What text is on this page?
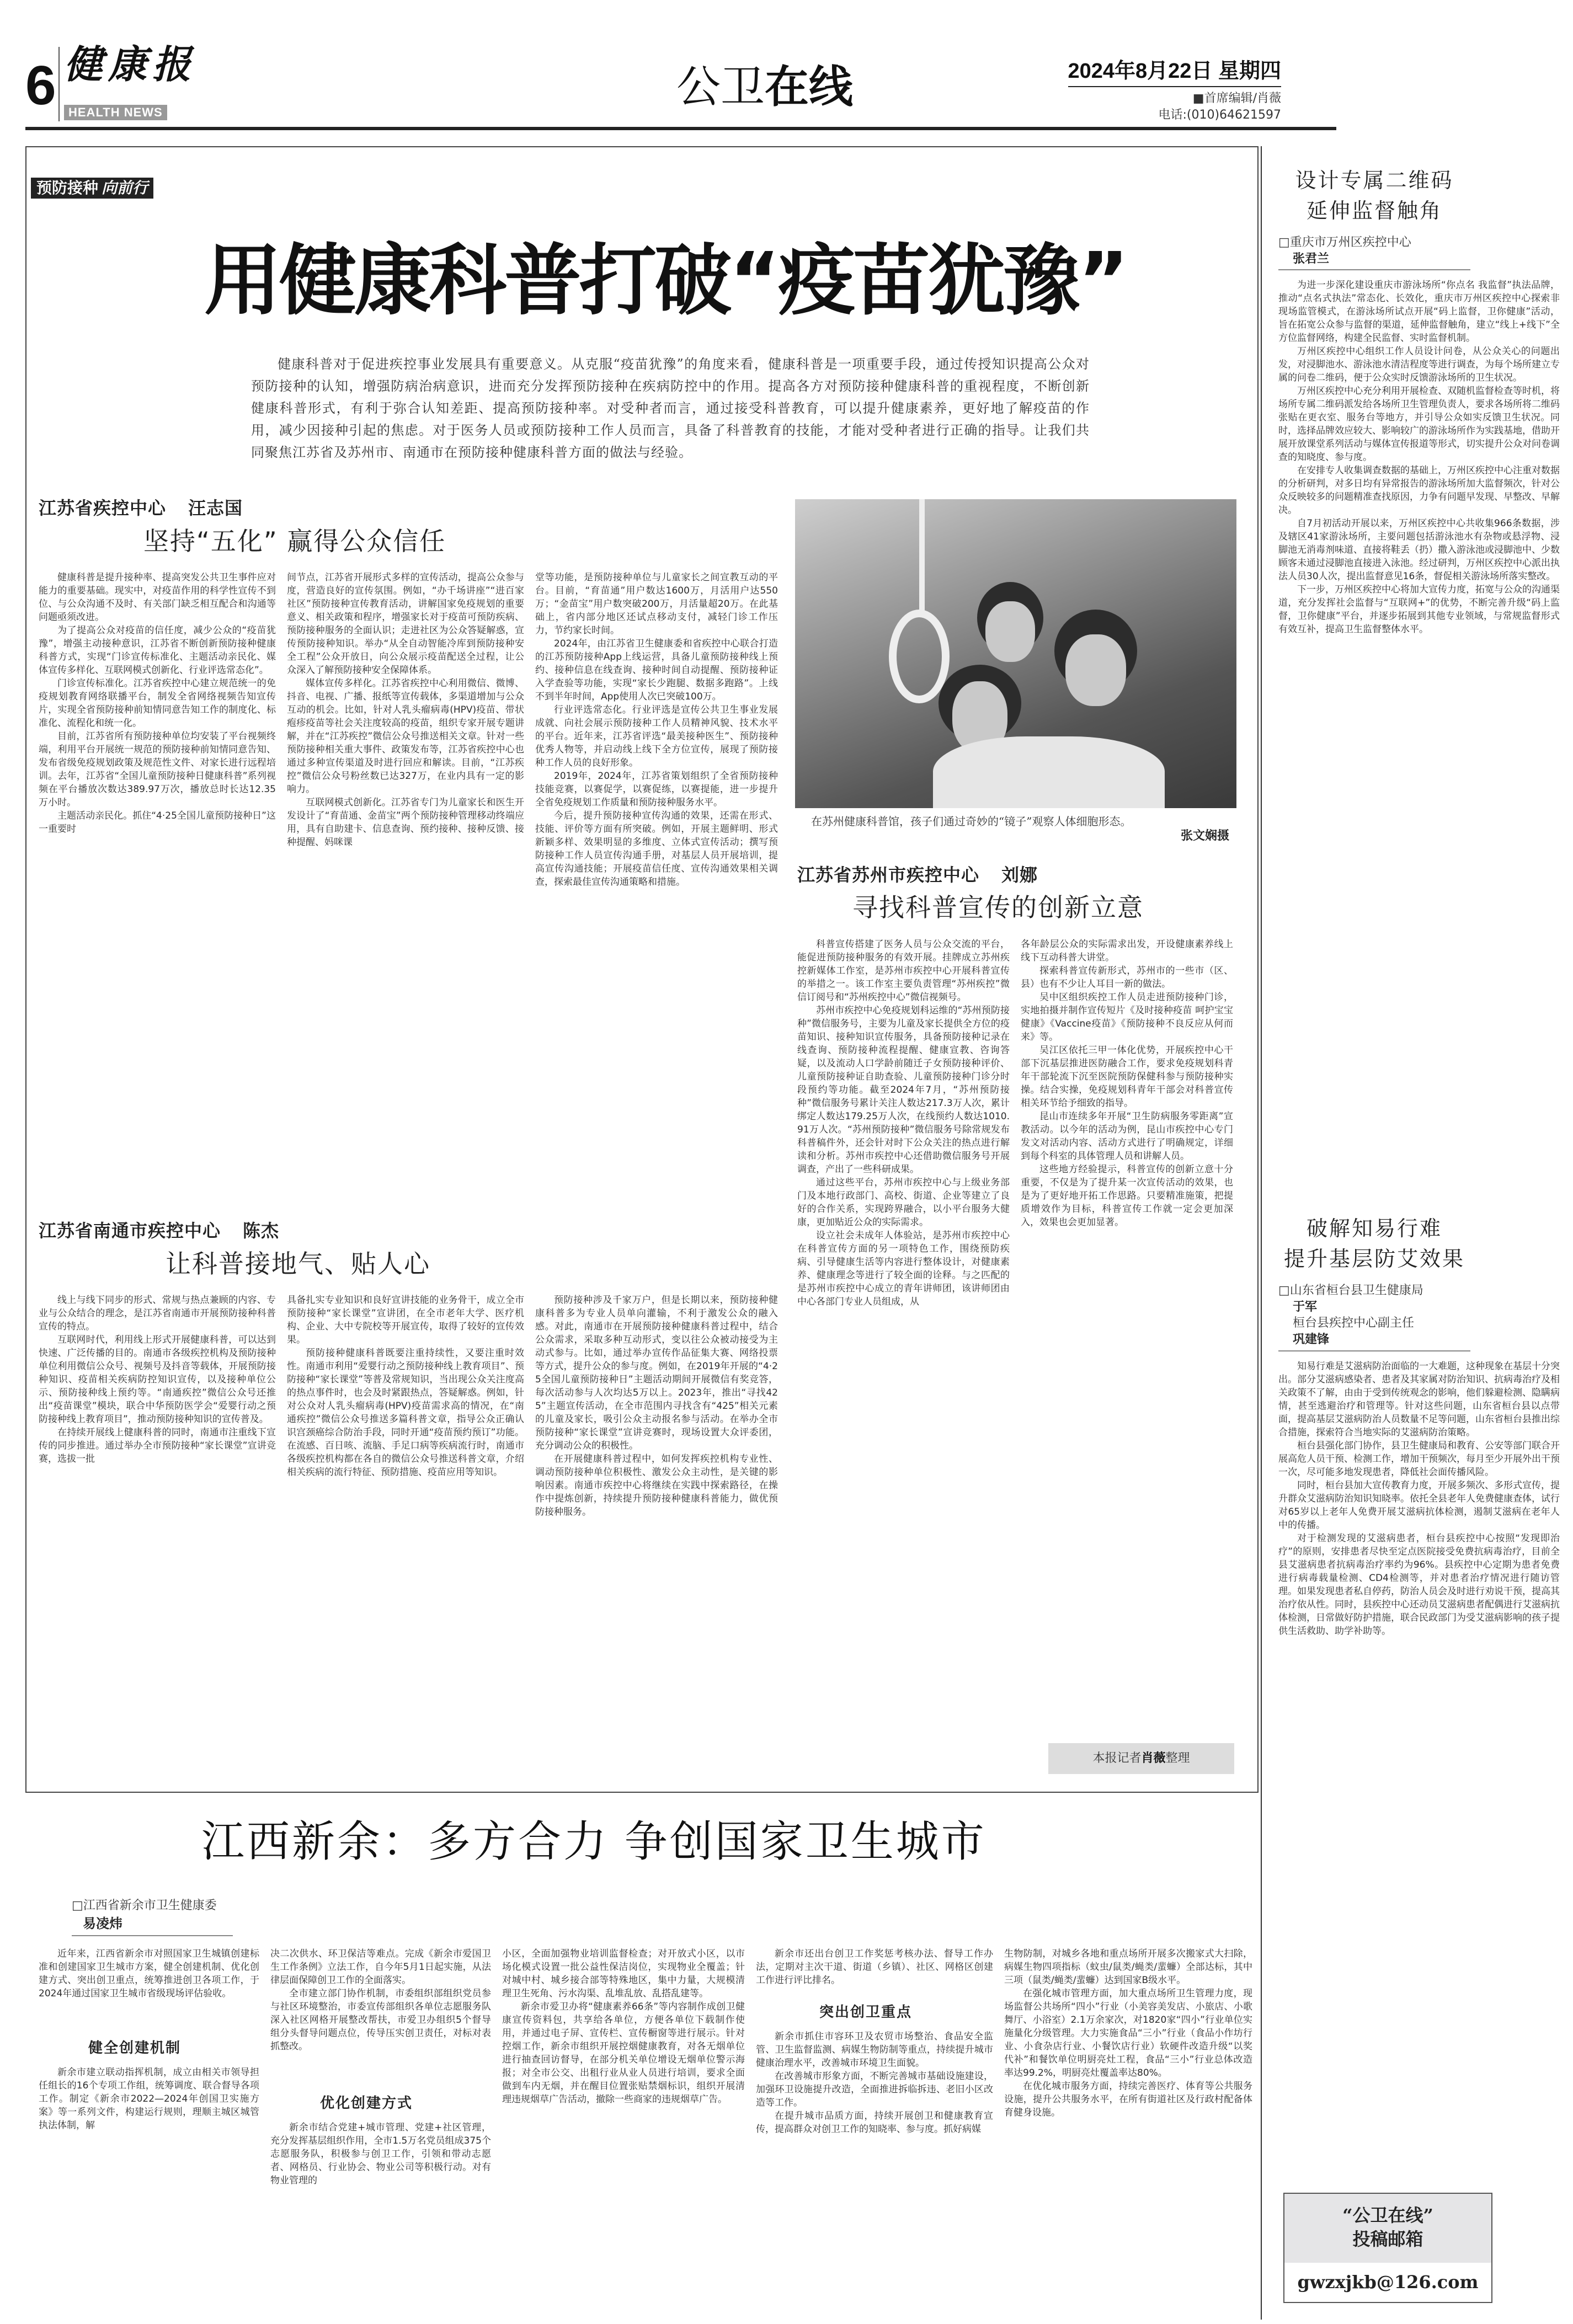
6 健康报
HEALTH NEWS	公卫在线	2024年8月22日 星期四
■首席编辑/肖薇
电话:(010)64621597
预防接种 向前行
用健康科普打破“疫苗犹豫”
健康科普对于促进疾控事业发展具有重要意义。从克服“疫苗犹豫”的角度来看，健康科普是一项重要手段，通过传授知识提高公众对预防接种的认知，增强防病治病意识，进而充分发挥预防接种在疾病防控中的作用。提高各方对预防接种健康科普的重视程度，不断创新健康科普形式，有利于弥合认知差距、提高预防接种率。对受种者而言，通过接受科普教育，可以提升健康素养，更好地了解疫苗的作用，减少因接种引起的焦虑。对于医务人员或预防接种工作人员而言，具备了科普教育的技能，才能对受种者进行正确的指导。让我们共同聚焦江苏省及苏州市、南通市在预防接种健康科普方面的做法与经验。
江苏省疾控中心 汪志国
坚持“五化” 赢得公众信任

健康科普是提升接种率、提高突发公共卫生事件应对能力的重要基础。现实中，对疫苗作用的科学性宣传不到位、与公众沟通不及时、有关部门缺乏相互配合和沟通等问题亟须改进。

为了提高公众对疫苗的信任度，减少公众的“疫苗犹豫”，增强主动接种意识，江苏省不断创新预防接种健康科普方式，实现“门诊宣传标准化、主题活动亲民化、媒体宣传多样化、互联网模式创新化、行业评选常态化”。

门诊宣传标准化。江苏省疾控中心建立规范统一的免疫规划教育网络联播平台，制发全省网络视频告知宣传片，实现全省预防接种前知情同意告知工作的制度化、标准化、流程化和统一化。

目前，江苏省所有预防接种单位均安装了平台视频终端，利用平台开展统一规范的预防接种前知情同意告知、发布省级免疫规划政策及规范性文件、对家长进行远程培训。去年，江苏省“全国儿童预防接种日健康科普”系列视频在平台播放次数达389.97万次，播放总时长达12.35万小时。

主题活动亲民化。抓住“4·25全国儿童预防接种日”这一重要时

间节点，江苏省开展形式多样的宣传活动，提高公众参与度，营造良好的宣传氛围。例如，“办千场讲座”“进百家社区”预防接种宣传教育活动，讲解国家免疫规划的重要意义、相关政策和程序，增强家长对于疫苗可预防疾病、预防接种服务的全面认识；走进社区为公众答疑解惑，宣传预防接种知识。举办“从全自动智能冷库到预防接种安全工程”公众开放日，向公众展示疫苗配送全过程，让公众深入了解预防接种安全保障体系。

媒体宣传多样化。江苏省疾控中心利用微信、微博、抖音、电视、广播、报纸等宣传载体，多渠道增加与公众互动的机会。比如，针对人乳头瘤病毒(HPV)疫苗、带状疱疹疫苗等社会关注度较高的疫苗，组织专家开展专题讲解，并在“江苏疾控”微信公众号推送相关文章。针对一些预防接种相关重大事件、政策发布等，江苏省疾控中心也通过多种宣传渠道及时进行回应和解读。目前，“江苏疾控”微信公众号粉丝数已达327万，在业内具有一定的影响力。

互联网模式创新化。江苏省专门为儿童家长和医生开发设计了“育苗通、金苗宝”两个预防接种管理移动终端应用，具有自助建卡、信息查询、预约接种、接种反馈、接种提醒、妈咪课

堂等功能，是预防接种单位与儿童家长之间宣教互动的平台。目前，“育苗通”用户数达1600万，月活用户达550万；“金苗宝”用户数突破200万，月活量超20万。在此基础上，省内部分地区还试点移动支付，减轻门诊工作压力，节约家长时间。

2024年，由江苏省卫生健康委和省疾控中心联合打造的江苏预防接种App上线运营，具备儿童预防接种线上预约、接种信息在线查询、接种时间自动提醒、预防接种证入学查验等功能，实现“家长少跑腿、数据多跑路”。上线不到半年时间，App使用人次已突破100万。

行业评选常态化。行业评选是宣传公共卫生事业发展成就、向社会展示预防接种工作人员精神风貌、技术水平的平台。近年来，江苏省评选“最美接种医生”、预防接种优秀人物等，并启动线上线下全方位宣传，展现了预防接种工作人员的良好形象。

2019年，2024年，江苏省策划组织了全省预防接种技能竞赛，以赛促学，以赛促练，以赛提能，进一步提升全省免疫规划工作质量和预防接种服务水平。

今后，提升预防接种宣传沟通的效果，还需在形式、技能、评价等方面有所突破。例如，开展主题鲜明、形式新颖多样、效果明显的多维度、立体式宣传活动；撰写预防接种工作人员宣传沟通手册，对基层人员开展培训，提高宣传沟通技能；开展疫苗信任度、宣传沟通效果相关调查，探索最佳宣传沟通策略和措施。

在苏州健康科普馆，孩子们通过奇妙的“镜子”观察人体细胞形态。
张文娴摄
江苏省苏州市疾控中心 刘娜
寻找科普宣传的创新立意

科普宣传搭建了医务人员与公众交流的平台，能促进预防接种服务的有效开展。挂牌成立苏州疾控新媒体工作室，是苏州市疾控中心开展科普宣传的举措之一。该工作室主要负责管理“苏州疾控”微信订阅号和“苏州疾控中心”微信视频号。

苏州市疾控中心免疫规划科运维的“苏州预防接种”微信服务号，主要为儿童及家长提供全方位的疫苗知识、接种知识宣传服务，具备预防接种记录在线查询、预防接种流程提醒、健康宣教、咨询答疑，以及流动人口学龄前随迁子女预防接种评价、儿童预防接种证自助查验、儿童预防接种门诊分时段预约等功能。截至2024年7月，“苏州预防接种”微信服务号累计关注人数达217.3万人次，累计绑定人数达179.25万人次，在线预约人数达1010.91万人次。“苏州预防接种”微信服务号除常规发布科普稿件外，还会针对时下公众关注的热点进行解读和分析。苏州市疾控中心还借助微信服务号开展调查，产出了一些科研成果。

通过这些平台，苏州市疾控中心与上级业务部门及本地行政部门、高校、街道、企业等建立了良好的合作关系，实现跨界融合，以小平台服务大健康，更加贴近公众的实际需求。

设立社会未成年人体验站，是苏州市疾控中心在科普宣传方面的另一项特色工作，围绕预防疾病、引导健康生活等内容进行整体设计，对健康素养、健康理念等进行了较全面的诠释。与之匹配的是苏州市疾控中心成立的青年讲师团，该讲师团由中心各部门专业人员组成，从

各年龄层公众的实际需求出发，开设健康素养线上线下互动科普大讲堂。

探索科普宣传新形式，苏州市的一些市（区、县）也有不少让人耳目一新的做法。

吴中区组织疾控工作人员走进预防接种门诊，实地拍摄并制作宣传短片《及时接种疫苗 呵护宝宝健康》《Vaccine疫苗》《预防接种不良反应从何而来》等。

吴江区依托三甲一体化优势，开展疾控中心干部下沉基层推进医防融合工作，要求免疫规划科青年干部轮流下沉至医院预防保健科参与预防接种实操。结合实操，免疫规划科青年干部会对科普宣传相关环节给予细致的指导。

昆山市连续多年开展“卫生防病服务零距离”宣教活动。以今年的活动为例，昆山市疾控中心专门发文对活动内容、活动方式进行了明确规定，详细到每个科室的具体管理人员和讲解人员。

这些地方经验提示，科普宣传的创新立意十分重要，不仅是为了提升某一次宣传活动的效果，也是为了更好地开拓工作思路。只要精准施策，把提质增效作为目标，科普宣传工作就一定会更加深入，效果也会更加显著。

本报记者肖薇整理
江苏省南通市疾控中心 陈杰
让科普接地气、贴人心

线上与线下同步的形式、常规与热点兼顾的内容、专业与公众结合的理念，是江苏省南通市开展预防接种科普宣传的特点。

互联网时代，利用线上形式开展健康科普，可以达到快速、广泛传播的目的。南通市各级疾控机构及预防接种单位利用微信公众号、视频号及抖音等载体，开展预防接种知识、疫苗相关疾病防控知识宣传，以及接种单位公示、预防接种线上预约等。“南通疾控”微信公众号还推出“疫苗课堂”模块，联合中华预防医学会“爱婴行动之预防接种线上教育项目”，推动预防接种知识的宣传普及。

在持续开展线上健康科普的同时，南通市注重线下宣传的同步推进。通过举办全市预防接种“家长课堂”宣讲竞赛，选拔一批

具备扎实专业知识和良好宣讲技能的业务骨干，成立全市预防接种“家长课堂”宣讲团，在全市老年大学、医疗机构、企业、大中专院校等开展宣传，取得了较好的宣传效果。

预防接种健康科普既要注重持续性，又要注重时效性。南通市利用“爱婴行动之预防接种线上教育项目”、预防接种“家长课堂”等普及常规知识，当出现公众关注度高的热点事件时，也会及时紧跟热点，答疑解惑。例如，针对公众对人乳头瘤病毒(HPV)疫苗需求高的情况，在“南通疾控”微信公众号推送多篇科普文章，指导公众正确认识宫颈癌综合防治手段，同时开通“疫苗预约预订”功能。在流感、百日咳、流脑、手足口病等疾病流行时，南通市各级疾控机构都在各自的微信公众号推送科普文章，介绍相关疾病的流行特征、预防措施、疫苗应用等知识。

预防接种涉及千家万户，但是长期以来，预防接种健康科普多为专业人员单向灌输，不利于激发公众的融入感。对此，南通市在开展预防接种健康科普过程中，结合公众需求，采取多种互动形式，变以往公众被动接受为主动式参与。比如，通过举办宣传作品征集大赛、网络投票等方式，提升公众的参与度。例如，在2019年开展的“4·25全国儿童预防接种日”主题活动期间开展微信有奖竞答，每次活动参与人次均达5万以上。2023年，推出“寻找425”主题宣传活动，在全市范围内寻找含有“425”相关元素的儿童及家长，吸引公众主动报名参与活动。在举办全市预防接种“家长课堂”宣讲竞赛时，现场设置大众评委团，充分调动公众的积极性。

在开展健康科普过程中，如何发挥疾控机构专业性、调动预防接种单位积极性、激发公众主动性，是关键的影响因素。南通市疾控中心将继续在实践中探索路径，在操作中提炼创新，持续提升预防接种健康科普能力，做优预防接种服务。

设计专属二维码
延伸监督触角
□重庆市万州区疾控中心
张君兰

为进一步深化建设重庆市游泳场所“你点名 我监督”执法品牌，推动“点名式执法”常态化、长效化，重庆市万州区疾控中心探索非现场监管模式，在游泳场所试点开展“码上监督，卫你健康”活动，旨在拓宽公众参与监督的渠道，延伸监督触角，建立“线上+线下”全方位监督网络，构建全民监督、实时监督机制。

万州区疾控中心组织工作人员设计问卷，从公众关心的问题出发，对浸脚池水、游泳池水清洁程度等进行调查，为每个场所建立专属的问卷二维码，便于公众实时反馈游泳场所的卫生状况。

万州区疾控中心充分利用开展检查、双随机监督检查等时机，将场所专属二维码派发给各场所卫生管理负责人，要求各场所将二维码张贴在更衣室、服务台等地方，并引导公众如实反馈卫生状况。同时，选择品牌效应较大、影响较广的游泳场所作为实践基地，借助开展开放课堂系列活动与媒体宣传报道等形式，切实提升公众对问卷调查的知晓度、参与度。

在安排专人收集调查数据的基础上，万州区疾控中心注重对数据的分析研判，对多日均有异常报告的游泳场所加大监督频次，针对公众反映较多的问题精准查找原因，力争有问题早发现、早整改、早解决。

自7月初活动开展以来，万州区疾控中心共收集966条数据，涉及辖区41家游泳场所，主要问题包括游泳池水有杂物或悬浮物、浸脚池无消毒剂味道、直接将鞋丢（扔）撒入游泳池或浸脚池中、少数顾客未通过浸脚池直接进入泳池。经过研判，万州区疾控中心派出执法人员30人次，提出监督意见16条，督促相关游泳场所落实整改。

下一步，万州区疾控中心将加大宣传力度，拓宽与公众的沟通渠道，充分发挥社会监督与“互联网+”的优势，不断完善升级“码上监督，卫你健康”平台，并逐步拓展到其他专业领域，与常规监督形式有效互补，提高卫生监督整体水平。

破解知易行难
提升基层防艾效果
□山东省桓台县卫生健康局
于军
桓台县疾控中心副主任
巩建锋

知易行难是艾滋病防治面临的一大难题，这种现象在基层十分突出。部分艾滋病感染者、患者及其家属对防治知识、抗病毒治疗及相关政策不了解，由由于受到传统观念的影响，他们躲避检测、隐瞒病情，甚至逃避治疗和管理等。针对这些问题，山东省桓台县以点带面，提高基层艾滋病防治人员数量不足等问题，山东省桓台县推出综合措施，探索符合当地实际的艾滋病防治策略。

桓台县强化部门协作，县卫生健康局和教育、公安等部门联合开展高危人员干预、检测工作，增加干预频次，每月至少开展外出干预一次，尽可能多地发现患者，降低社会面传播风险。

同时，桓台县加大宣传教育力度，开展多频次、多形式宣传，提升群众艾滋病防治知识知晓率。依托全县老年人免费健康查体，试行对65岁以上老年人免费开展艾滋病抗体检测，遏制艾滋病在老年人中的传播。

对于检测发现的艾滋病患者，桓台县疾控中心按照“发现即治疗”的原则，安排患者尽快至定点医院接受免费抗病毒治疗，目前全县艾滋病患者抗病毒治疗率约为96%。县疾控中心定期为患者免费进行病毒载量检测、CD4检测等，并对患者治疗情况进行随访管理。如果发现患者私自停药，防治人员会及时进行劝说干预，提高其治疗依从性。同时，县疾控中心还动员艾滋病患者配偶进行艾滋病抗体检测，日常做好防护措施，联合民政部门为受艾滋病影响的孩子提供生活救助、助学补助等。

“公卫在线”
投稿邮箱
gwzxjkb@126.com
江西新余：多方合力 争创国家卫生城市
□江西省新余市卫生健康委
易凌炜

近年来，江西省新余市对照国家卫生城镇创建标准和创建国家卫生城市方案，健全创建机制、优化创建方式、突出创卫重点，统筹推进创卫各项工作，于2024年通过国家卫生城市省级现场评估验收。

健全创建机制

新余市建立联动指挥机制，成立由相关市领导担任组长的16个专项工作组，统筹调度、联合督导各项工作。制定《新余市2022—2024年创国卫实施方案》等一系列文件，构建运行规则，理顺主城区城管执法体制，解

决二次供水、环卫保洁等难点。完成《新余市爱国卫生工作条例》立法工作，自今年5月1日起实施，从法律层面保障创卫工作的全面落实。

全市建立部门协作机制，市委组织部组织党员参与社区环境整治，市委宣传部组织各单位志愿服务队深入社区网格开展整改帮扶，市爱卫办组织5个督导组分头督导问题点位，传导压实创卫责任，对标对表抓整改。

优化创建方式

新余市结合党建+城市管理、党建+社区管理，充分发挥基层组织作用，全市1.5万名党员组成375个志愿服务队，积极参与创卫工作，引领和带动志愿者、网格员、行业协会、物业公司等积极行动。对有物业管理的

小区，全面加强物业培训监督检查；对开放式小区，以市场化模式设置一批公益性保洁岗位，实现物业全覆盖；针对城中村、城乡接合部等特殊地区，集中力量，大规模清理卫生死角、污水沟渠、乱堆乱放、乱搭乱建等。

新余市爱卫办将“健康素养66条”等内容制作成创卫健康宣传资料包，共享给各单位，方便各单位下载制作使用，并通过电子屏、宣传栏、宣传橱窗等进行展示。针对控烟工作，新余市组织开展控烟健康教育，对各无烟单位进行抽查回访督导，在部分机关单位增设无烟单位警示海报；对全市公交、出租行业从业人员进行培训，要求全面做到车内无烟，并在醒目位置张贴禁烟标识，组织开展清理违规烟草广告活动，撤除一些商家的违规烟草广告。

新余市还出台创卫工作奖惩考核办法、督导工作办法，定期对主次干道、街道（乡镇）、社区、网格区创建工作进行评比排名。

突出创卫重点

新余市抓住市容环卫及农贸市场整治、食品安全监管、卫生监督监测、病媒生物防制等重点，持续提升城市健康治理水平，改善城市环境卫生面貌。

在改善城市形象方面，不断完善城市基础设施建设，加强环卫设施提升改造，全面推进拆临拆违、老旧小区改造等工作。

在提升城市品质方面，持续开展创卫和健康教育宣传，提高群众对创卫工作的知晓率、参与度。抓好病媒

生物防制，对城乡各地和重点场所开展多次搬家式大扫除，病媒生物四项指标（蚊虫/鼠类/蝇类/蜚蠊）全部达标，其中三项（鼠类/蝇类/蜚蠊）达到国家B级水平。

在强化城市管理方面，加大重点场所卫生管理力度，现场监督公共场所“四小”行业（小美容美发店、小旅店、小歌舞厅、小浴室）2.1万余家次，对1820家“四小”行业单位实施量化分级管理。大力实施食品“三小”行业（食品小作坊行业、小食杂店行业、小餐饮店行业）软硬件改造升级“以奖代补”和餐饮单位明厨亮灶工程，食品“三小”行业总体改造率达99.2%，明厨亮灶覆盖率达80%。

在优化城市服务方面，持续完善医疗、体育等公共服务设施，提升公共服务水平，在所有街道社区及行政村配备体育健身设施。
